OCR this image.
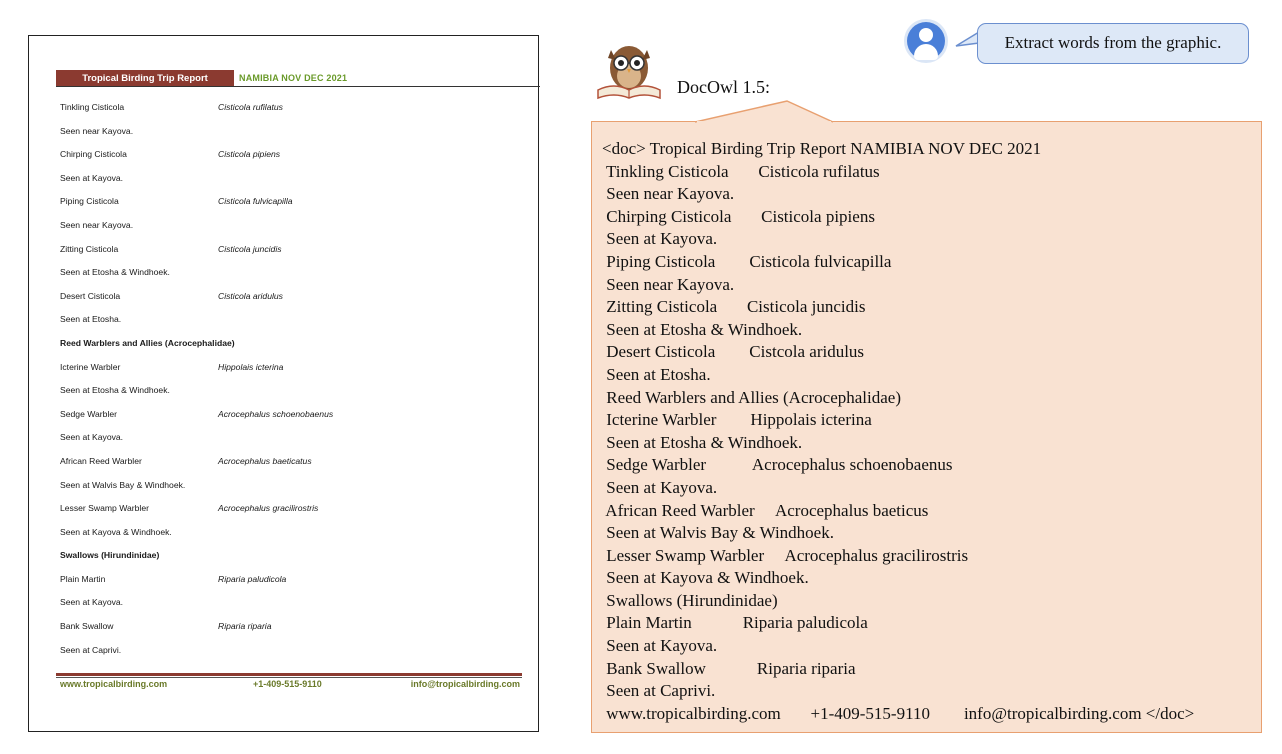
Tropical Birding Trip Report	NAMIBIA NOV DEC 2021
Tinkling Cisticola	Cisticola rufilatus
Seen near Kayova.
Chirping Cisticola	Cisticola pipiens
Seen at Kayova.
Piping Cisticola	Cisticola fulvicapilla
Seen near Kayova.
Zitting Cisticola	Cisticola juncidis
Seen at Etosha & Windhoek.
Desert Cisticola	Cisticola aridulus
Seen at Etosha.
Reed Warblers and Allies (Acrocephalidae)
Icterine Warbler	Hippolais icterina
Seen at Etosha & Windhoek.
Sedge Warbler	Acrocephalus schoenobaenus
Seen at Kayova.
African Reed Warbler	Acrocephalus baeticatus
Seen at Walvis Bay & Windhoek.
Lesser Swamp Warbler	Acrocephalus gracilirostris
Seen at Kayova & Windhoek.
Swallows (Hirundinidae)
Plain Martin	Riparia paludicola
Seen at Kayova.
Bank Swallow	Riparia riparia
Seen at Caprivi.
www.tropicalbirding.com	+1-409-515-9110	info@tropicalbirding.com
Extract words from the graphic.
DocOwl 1.5:
<doc> Tropical Birding Trip Report NAMIBIA NOV DEC 2021
Tinkling Cisticola       Cisticola rufilatus
Seen near Kayova.
Chirping Cisticola       Cisticola pipiens
Seen at Kayova.
Piping Cisticola        Cisticola fulvicapilla
Seen near Kayova.
Zitting Cisticola       Cisticola juncidis
Seen at Etosha & Windhoek.
Desert Cisticola        Cistcola aridulus
Seen at Etosha.
Reed Warblers and Allies (Acrocephalidae)
Icterine Warbler        Hippolais icterina
Seen at Etosha & Windhoek.
Sedge Warbler           Acrocephalus schoenobaenus
Seen at Kayova.
African Reed Warbler     Acrocephalus baeticus
Seen at Walvis Bay & Windhoek.
Lesser Swamp Warbler     Acrocephalus gracilirostris
Seen at Kayova & Windhoek.
Swallows (Hirundinidae)
Plain Martin            Riparia paludicola
Seen at Kayova.
Bank Swallow            Riparia riparia
Seen at Caprivi.
www.tropicalbirding.com       +1-409-515-9110        info@tropicalbirding.com </doc>
